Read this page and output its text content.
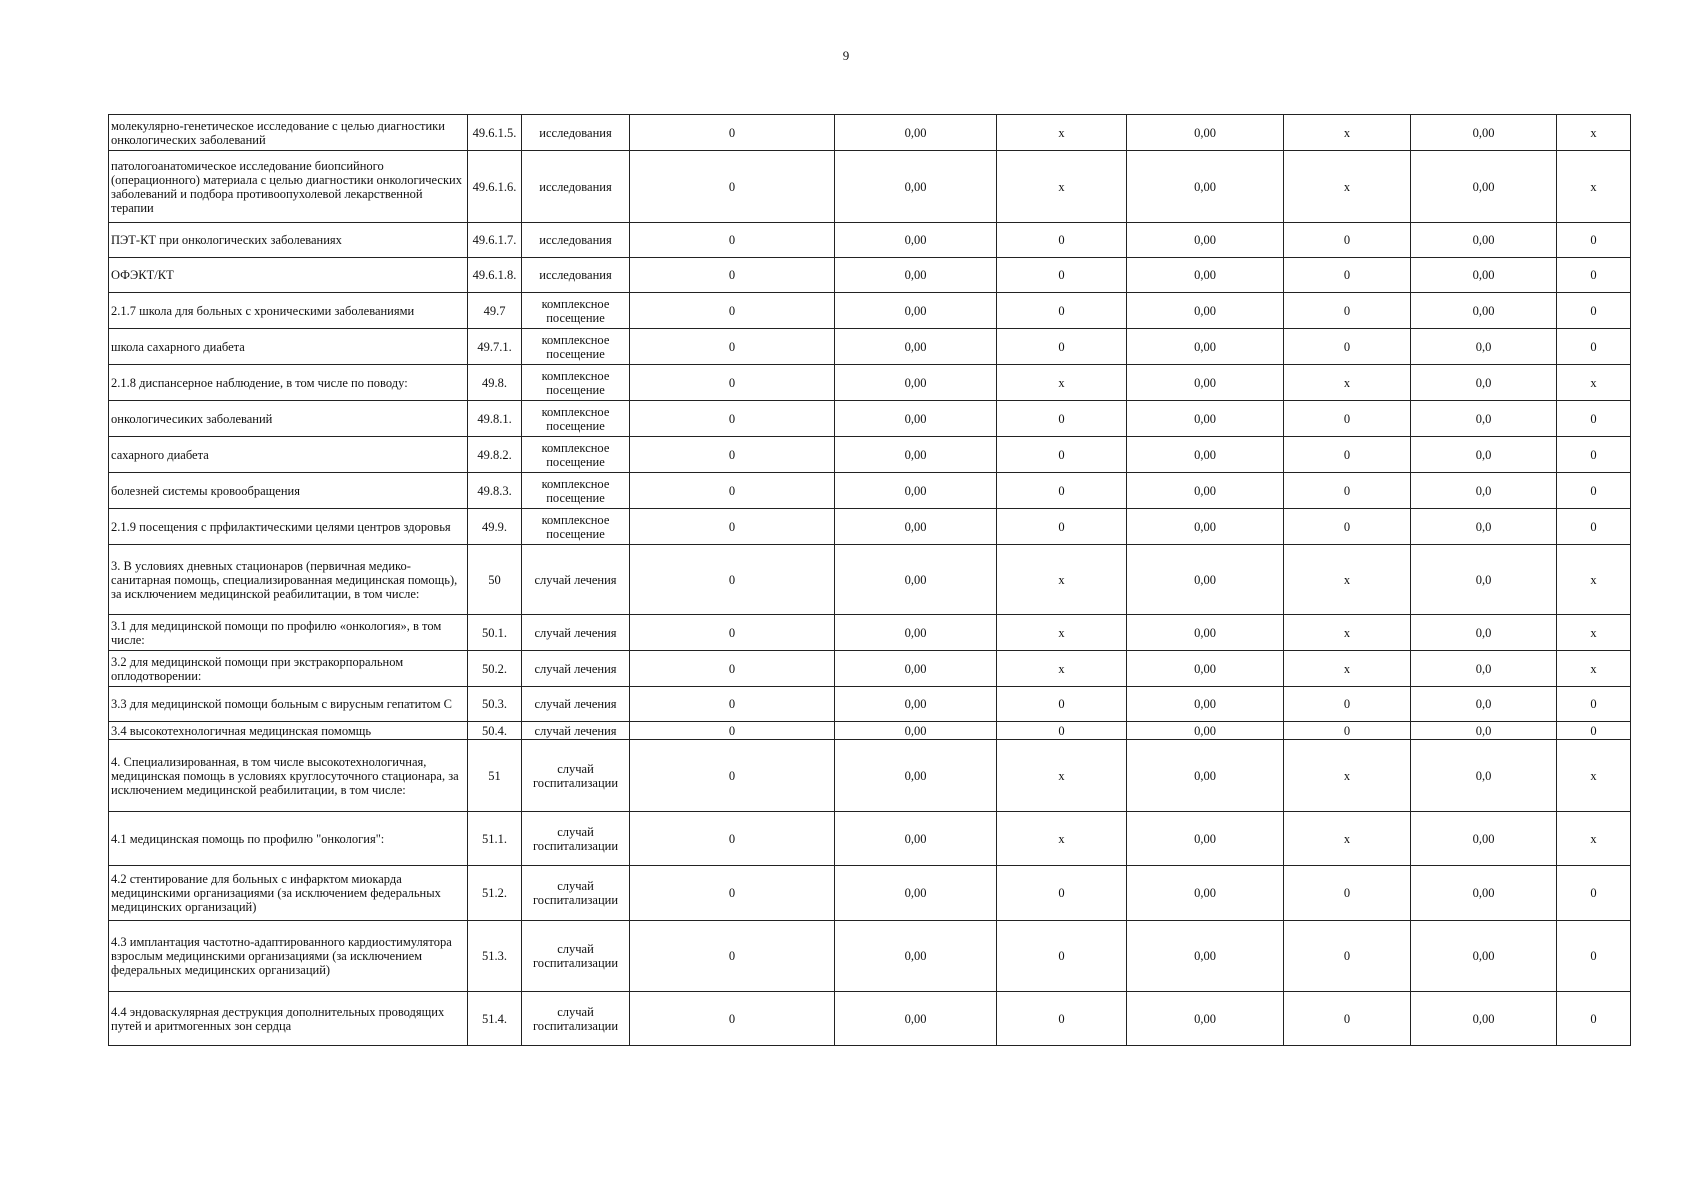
9
молекулярно-генетическое исследование с целью диагностики онкологических заболеваний	49.6.1.5.	исследования	0	0,00	x	0,00	x	0,00	x
патологоанатомическое исследование биопсийного (операционного) материала с целью диагностики онкологических заболеваний и подбора противоопухолевой лекарственной терапии	49.6.1.6.	исследования	0	0,00	x	0,00	x	0,00	x
ПЭТ-КТ при онкологических заболеваниях	49.6.1.7.	исследования	0	0,00	0	0,00	0	0,00	0
ОФЭКТ/КТ	49.6.1.8.	исследования	0	0,00	0	0,00	0	0,00	0
2.1.7 школа для больных с хроническими заболеваниями	49.7	комплексное посещение	0	0,00	0	0,00	0	0,00	0
школа сахарного диабета	49.7.1.	комплексное посещение	0	0,00	0	0,00	0	0,0	0
2.1.8 диспансерное наблюдение, в том числе по поводу:	49.8.	комплексное посещение	0	0,00	x	0,00	x	0,0	x
онкологичесиких заболеваний	49.8.1.	комплексное посещение	0	0,00	0	0,00	0	0,0	0
сахарного диабета	49.8.2.	комплексное посещение	0	0,00	0	0,00	0	0,0	0
болезней системы кровообращения	49.8.3.	комплексное посещение	0	0,00	0	0,00	0	0,0	0
2.1.9 посещения с прфилактическими целями центров здоровья	49.9.	комплексное посещение	0	0,00	0	0,00	0	0,0	0
3. В условиях дневных стационаров (первичная медико-санитарная помощь, специализированная медицинская помощь), за исключением медицинской реабилитации, в том числе:	50	случай лечения	0	0,00	x	0,00	x	0,0	x
3.1 для медицинской помощи по профилю «онкология», в том числе:	50.1.	случай лечения	0	0,00	x	0,00	x	0,0	x
3.2 для медицинской помощи при экстракорпоральном оплодотворении:	50.2.	случай лечения	0	0,00	x	0,00	x	0,0	x
3.3 для медицинской помощи больным с вирусным гепатитом С	50.3.	случай лечения	0	0,00	0	0,00	0	0,0	0
3.4 высокотехнологичная медицинская помомщь	50.4.	случай лечения	0	0,00	0	0,00	0	0,0	0
4. Специализированная, в том числе высокотехнологичная, медицинская помощь в условиях круглосуточного стационара, за исключением медицинской реабилитации, в том числе:	51	случай госпитализации	0	0,00	x	0,00	x	0,0	x
4.1 медицинская помощь по профилю "онкология":	51.1.	случай госпитализации	0	0,00	x	0,00	x	0,00	x
4.2 стентирование для больных с инфарктом миокарда медицинскими организациями (за исключением федеральных медицинских организаций)	51.2.	случай госпитализации	0	0,00	0	0,00	0	0,00	0
4.3 имплантация частотно-адаптированного кардиостимулятора взрослым медицинскими организациями (за исключением федеральных медицинских организаций)	51.3.	случай госпитализации	0	0,00	0	0,00	0	0,00	0
4.4 эндоваскулярная деструкция дополнительных проводящих путей и аритмогенных зон сердца	51.4.	случай госпитализации	0	0,00	0	0,00	0	0,00	0
